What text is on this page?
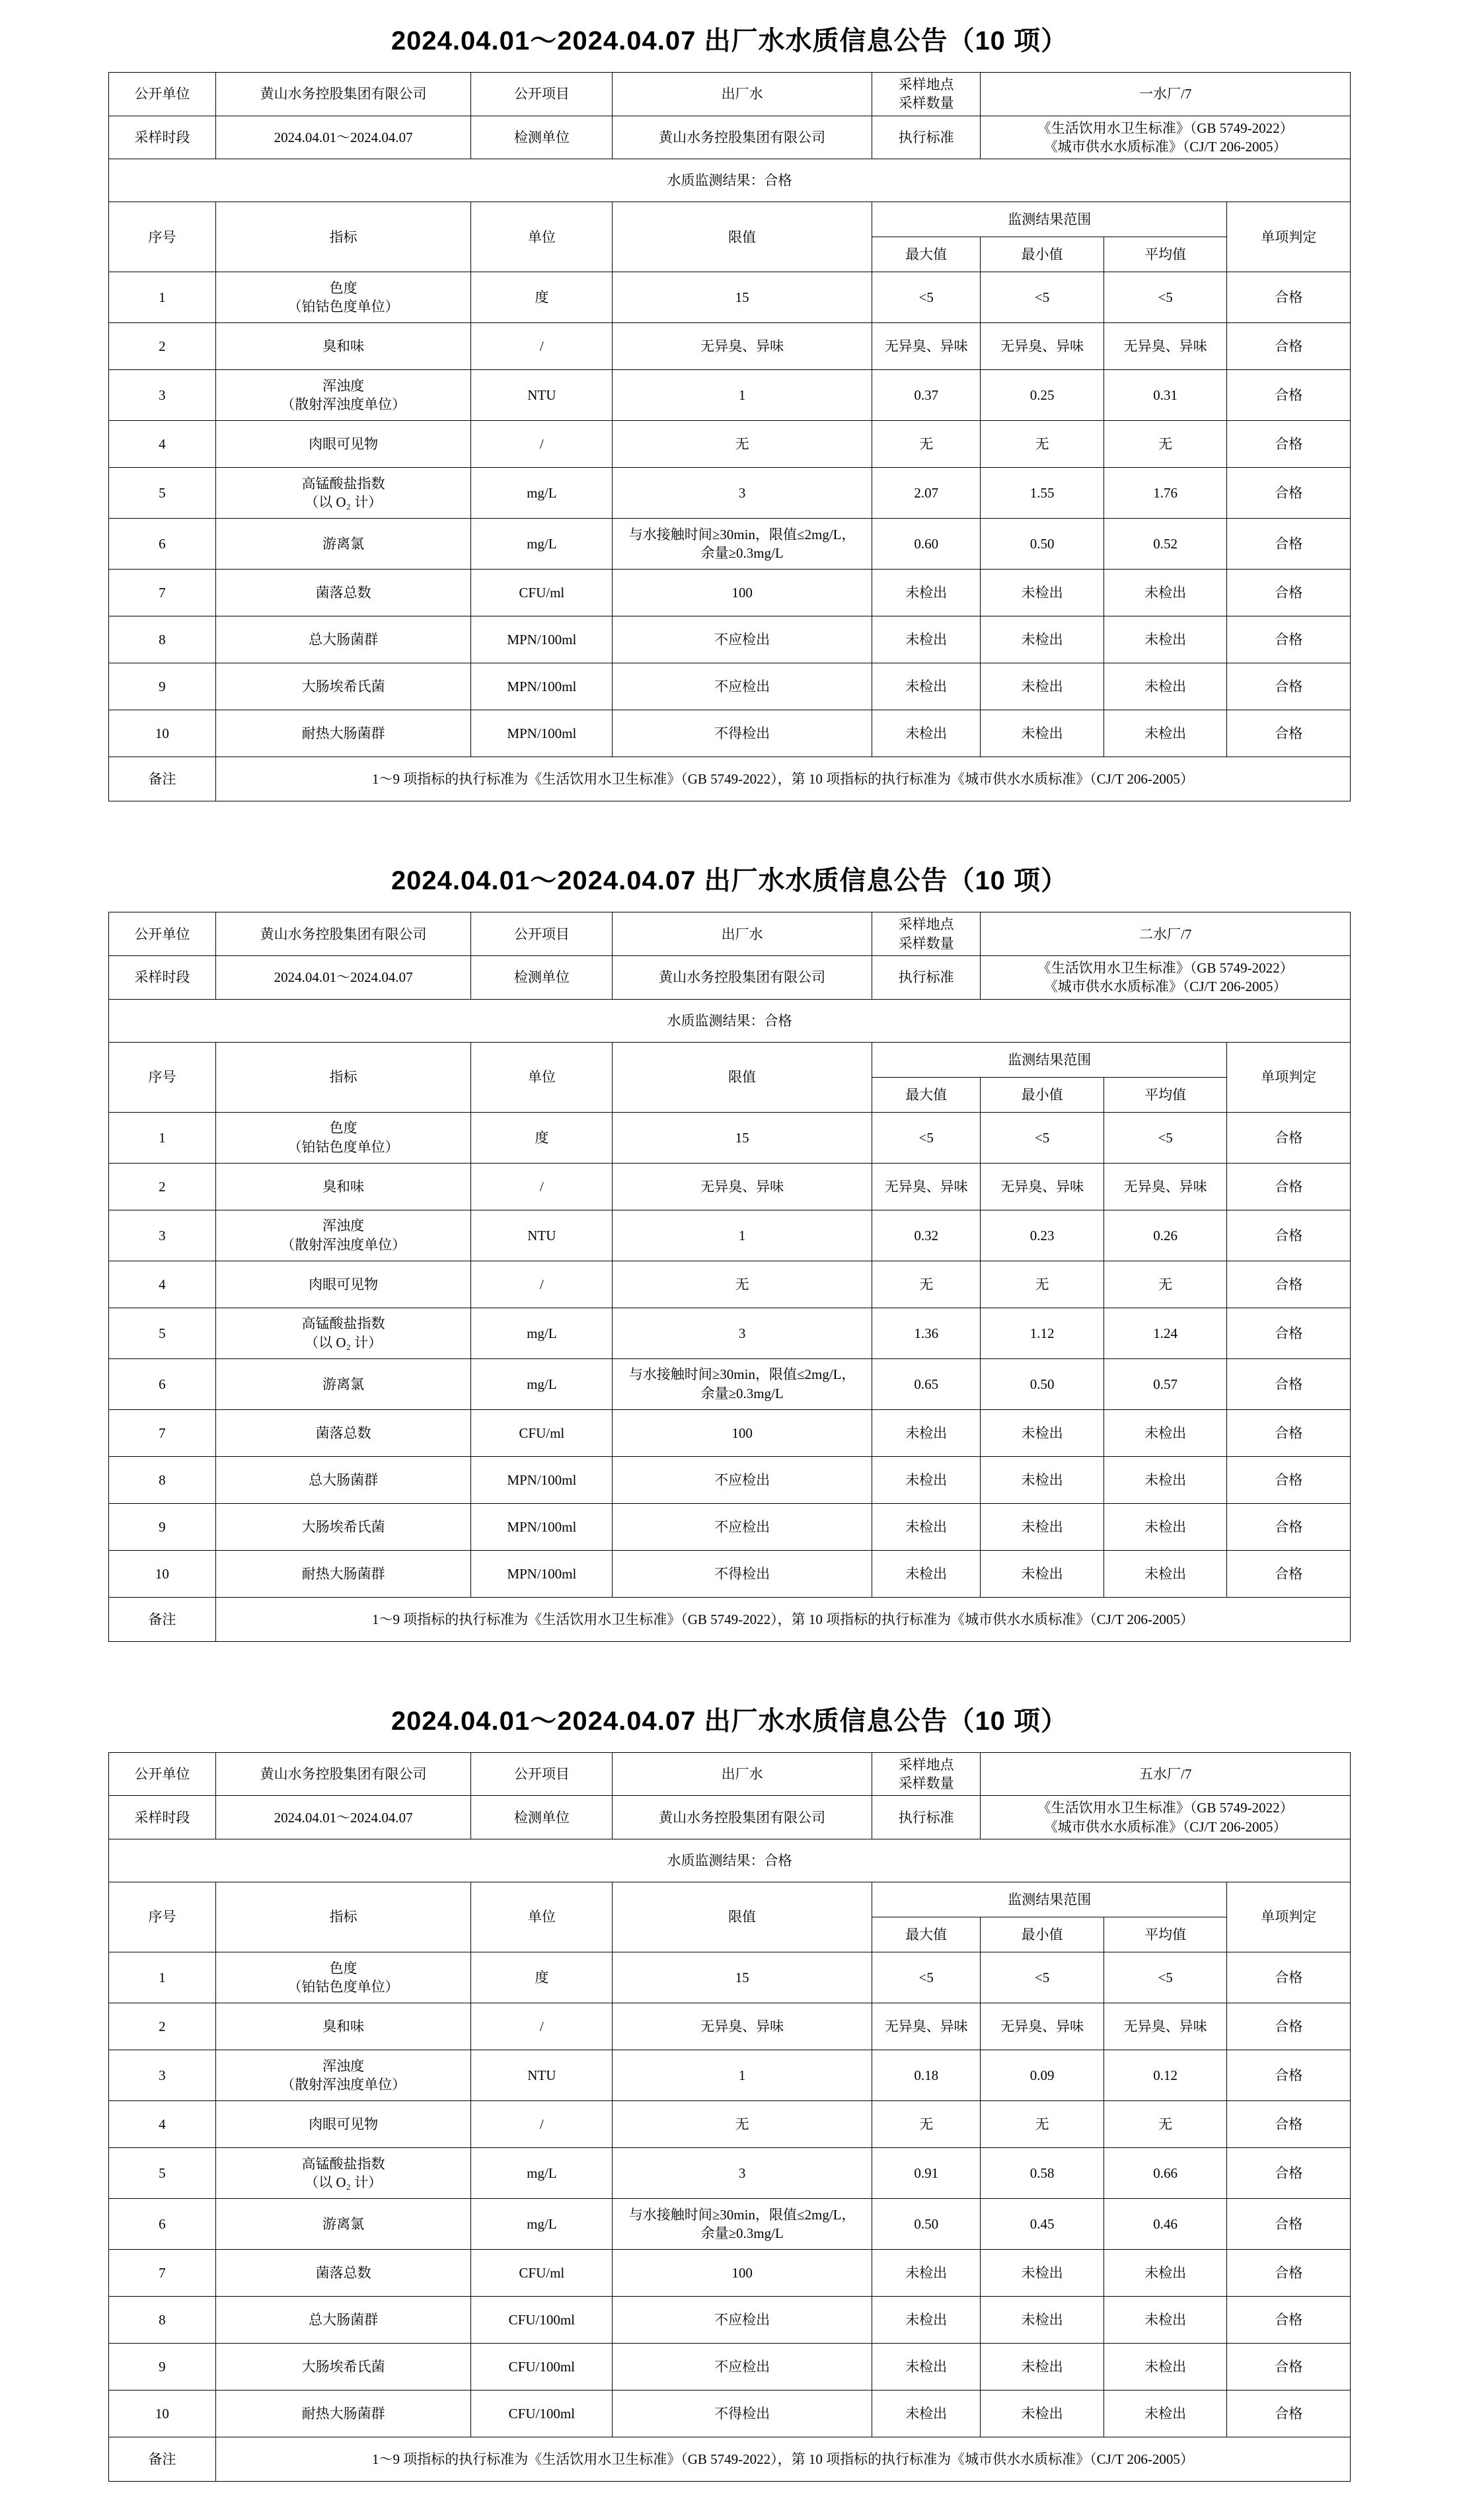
2024.04.01～2024.04.07 出厂水水质信息公告（10 项）
公开单位	黄山水务控股集团有限公司	公开项目	出厂水	采样地点
采样数量	一水厂/7		
采样时段	2024.04.01～2024.04.07	检测单位	黄山水务控股集团有限公司	执行标准	《生活饮用水卫生标准》（GB 5749-2022）
《城市供水水质标准》（CJ/T 206-2005）		

水质监测结果：合格							
序号	指标	单位	限值	监测结果范围			单项判定
				最大值	最小值	平均值	
1	色度
（铂钴色度单位）	度	15	<5	<5	<5	合格
2	臭和味	/	无异臭、异味	无异臭、异味	无异臭、异味	无异臭、异味	合格
3	浑浊度
（散射浑浊度单位）	NTU	1	0.37	0.25	0.31	合格
4	肉眼可见物	/	无	无	无	无	合格
5	高锰酸盐指数
（以 O₂ 计）	mg/L	3	2.07	1.55	1.76	合格
6	游离氯	mg/L	与水接触时间≥30min，限值≤2mg/L，
余量≥0.3mg/L	0.60	0.50	0.52	合格
7	菌落总数	CFU/ml	100	未检出	未检出	未检出	合格
8	总大肠菌群	MPN/100ml	不应检出	未检出	未检出	未检出	合格
9	大肠埃希氏菌	MPN/100ml	不应检出	未检出	未检出	未检出	合格
10	耐热大肠菌群	MPN/100ml	不得检出	未检出	未检出	未检出	合格
备注	1～9 项指标的执行标准为《生活饮用水卫生标准》（GB 5749-2022），第 10 项指标的执行标准为《城市供水水质标准》（CJ/T 206-2005）						
2024.04.01～2024.04.07 出厂水水质信息公告（10 项）
公开单位	黄山水务控股集团有限公司	公开项目	出厂水	采样地点
采样数量	二水厂/7		
采样时段	2024.04.01～2024.04.07	检测单位	黄山水务控股集团有限公司	执行标准	《生活饮用水卫生标准》（GB 5749-2022）
《城市供水水质标准》（CJ/T 206-2005）		

水质监测结果：合格							
序号	指标	单位	限值	监测结果范围			单项判定
				最大值	最小值	平均值	
1	色度
（铂钴色度单位）	度	15	<5	<5	<5	合格
2	臭和味	/	无异臭、异味	无异臭、异味	无异臭、异味	无异臭、异味	合格
3	浑浊度
（散射浑浊度单位）	NTU	1	0.32	0.23	0.26	合格
4	肉眼可见物	/	无	无	无	无	合格
5	高锰酸盐指数
（以 O₂ 计）	mg/L	3	1.36	1.12	1.24	合格
6	游离氯	mg/L	与水接触时间≥30min，限值≤2mg/L，
余量≥0.3mg/L	0.65	0.50	0.57	合格
7	菌落总数	CFU/ml	100	未检出	未检出	未检出	合格
8	总大肠菌群	MPN/100ml	不应检出	未检出	未检出	未检出	合格
9	大肠埃希氏菌	MPN/100ml	不应检出	未检出	未检出	未检出	合格
10	耐热大肠菌群	MPN/100ml	不得检出	未检出	未检出	未检出	合格
备注	1～9 项指标的执行标准为《生活饮用水卫生标准》（GB 5749-2022），第 10 项指标的执行标准为《城市供水水质标准》（CJ/T 206-2005）						
2024.04.01～2024.04.07 出厂水水质信息公告（10 项）
公开单位	黄山水务控股集团有限公司	公开项目	出厂水	采样地点
采样数量	五水厂/7		
采样时段	2024.04.01～2024.04.07	检测单位	黄山水务控股集团有限公司	执行标准	《生活饮用水卫生标准》（GB 5749-2022）
《城市供水水质标准》（CJ/T 206-2005）		

水质监测结果：合格							
序号	指标	单位	限值	监测结果范围			单项判定
				最大值	最小值	平均值	
1	色度
（铂钴色度单位）	度	15	<5	<5	<5	合格
2	臭和味	/	无异臭、异味	无异臭、异味	无异臭、异味	无异臭、异味	合格
3	浑浊度
（散射浑浊度单位）	NTU	1	0.18	0.09	0.12	合格
4	肉眼可见物	/	无	无	无	无	合格
5	高锰酸盐指数
（以 O₂ 计）	mg/L	3	0.91	0.58	0.66	合格
6	游离氯	mg/L	与水接触时间≥30min，限值≤2mg/L，
余量≥0.3mg/L	0.50	0.45	0.46	合格
7	菌落总数	CFU/ml	100	未检出	未检出	未检出	合格
8	总大肠菌群	CFU/100ml	不应检出	未检出	未检出	未检出	合格
9	大肠埃希氏菌	CFU/100ml	不应检出	未检出	未检出	未检出	合格
10	耐热大肠菌群	CFU/100ml	不得检出	未检出	未检出	未检出	合格
备注	1～9 项指标的执行标准为《生活饮用水卫生标准》（GB 5749-2022），第 10 项指标的执行标准为《城市供水水质标准》（CJ/T 206-2005）						
